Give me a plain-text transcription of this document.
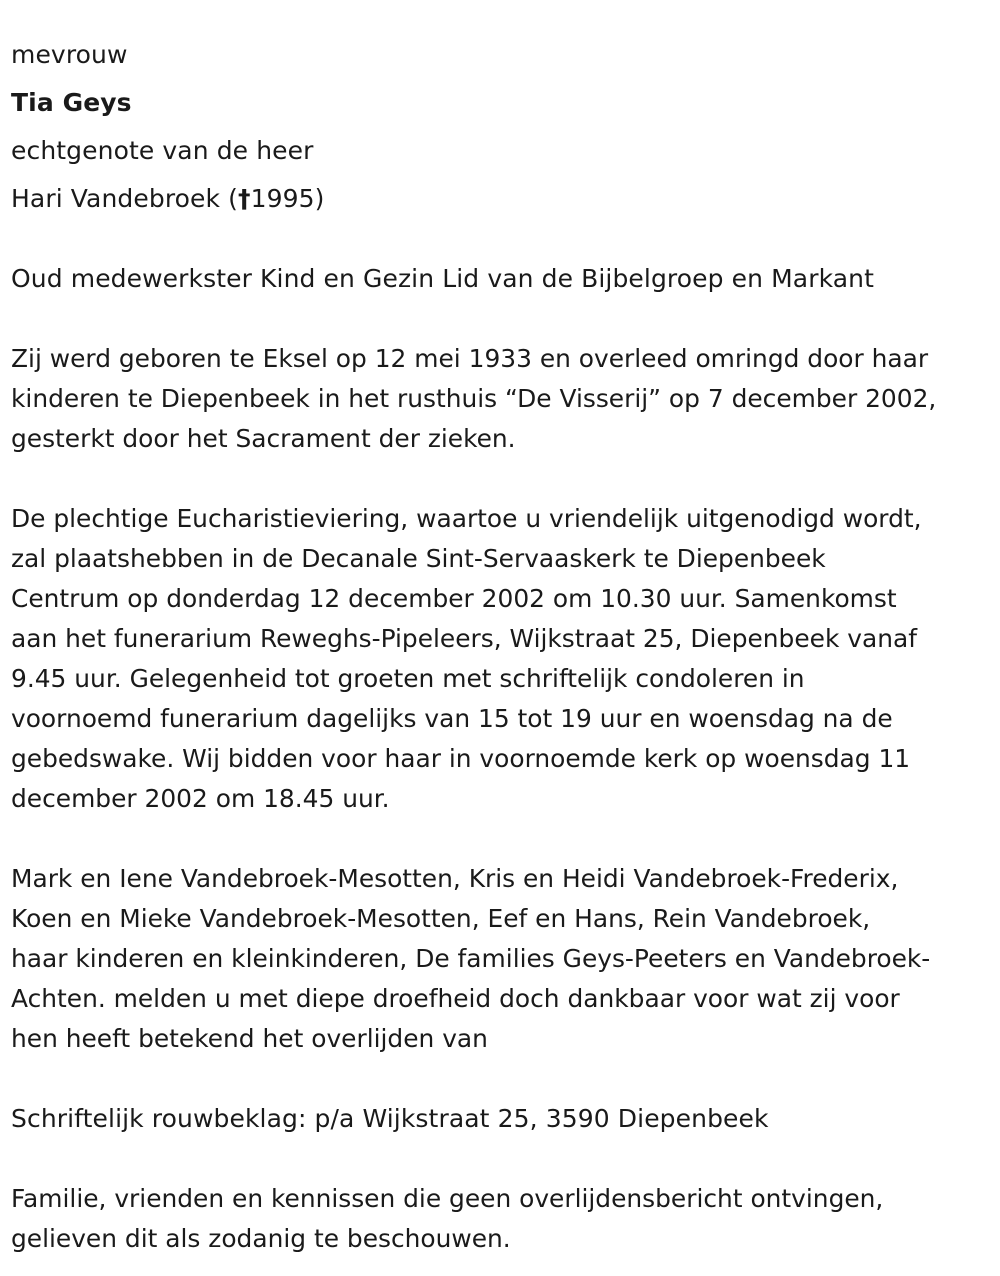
mevrouw
Tia Geys
echtgenote van de heer
Hari Vandebroek (†1995)
Oud medewerkster Kind en Gezin Lid van de Bijbelgroep en Markant
Zij werd geboren te Eksel op 12 mei 1933 en overleed omringd door haar
kinderen te Diepenbeek in het rusthuis “De Visserij” op 7 december 2002,
gesterkt door het Sacrament der zieken.
De plechtige Eucharistieviering, waartoe u vriendelijk uitgenodigd wordt,
zal plaatshebben in de Decanale Sint-Servaaskerk te Diepenbeek
Centrum op donderdag 12 december 2002 om 10.30 uur. Samenkomst
aan het funerarium Reweghs-Pipeleers, Wijkstraat 25, Diepenbeek vanaf
9.45 uur. Gelegenheid tot groeten met schriftelijk condoleren in
voornoemd funerarium dagelijks van 15 tot 19 uur en woensdag na de
gebedswake. Wij bidden voor haar in voornoemde kerk op woensdag 11
december 2002 om 18.45 uur.
Mark en Iene Vandebroek-Mesotten, Kris en Heidi Vandebroek-Frederix,
Koen en Mieke Vandebroek-Mesotten, Eef en Hans, Rein Vandebroek,
haar kinderen en kleinkinderen, De families Geys-Peeters en Vandebroek-
Achten. melden u met diepe droefheid doch dankbaar voor wat zij voor
hen heeft betekend het overlijden van
Schriftelijk rouwbeklag: p/a Wijkstraat 25, 3590 Diepenbeek
Familie, vrienden en kennissen die geen overlijdensbericht ontvingen,
gelieven dit als zodanig te beschouwen.
